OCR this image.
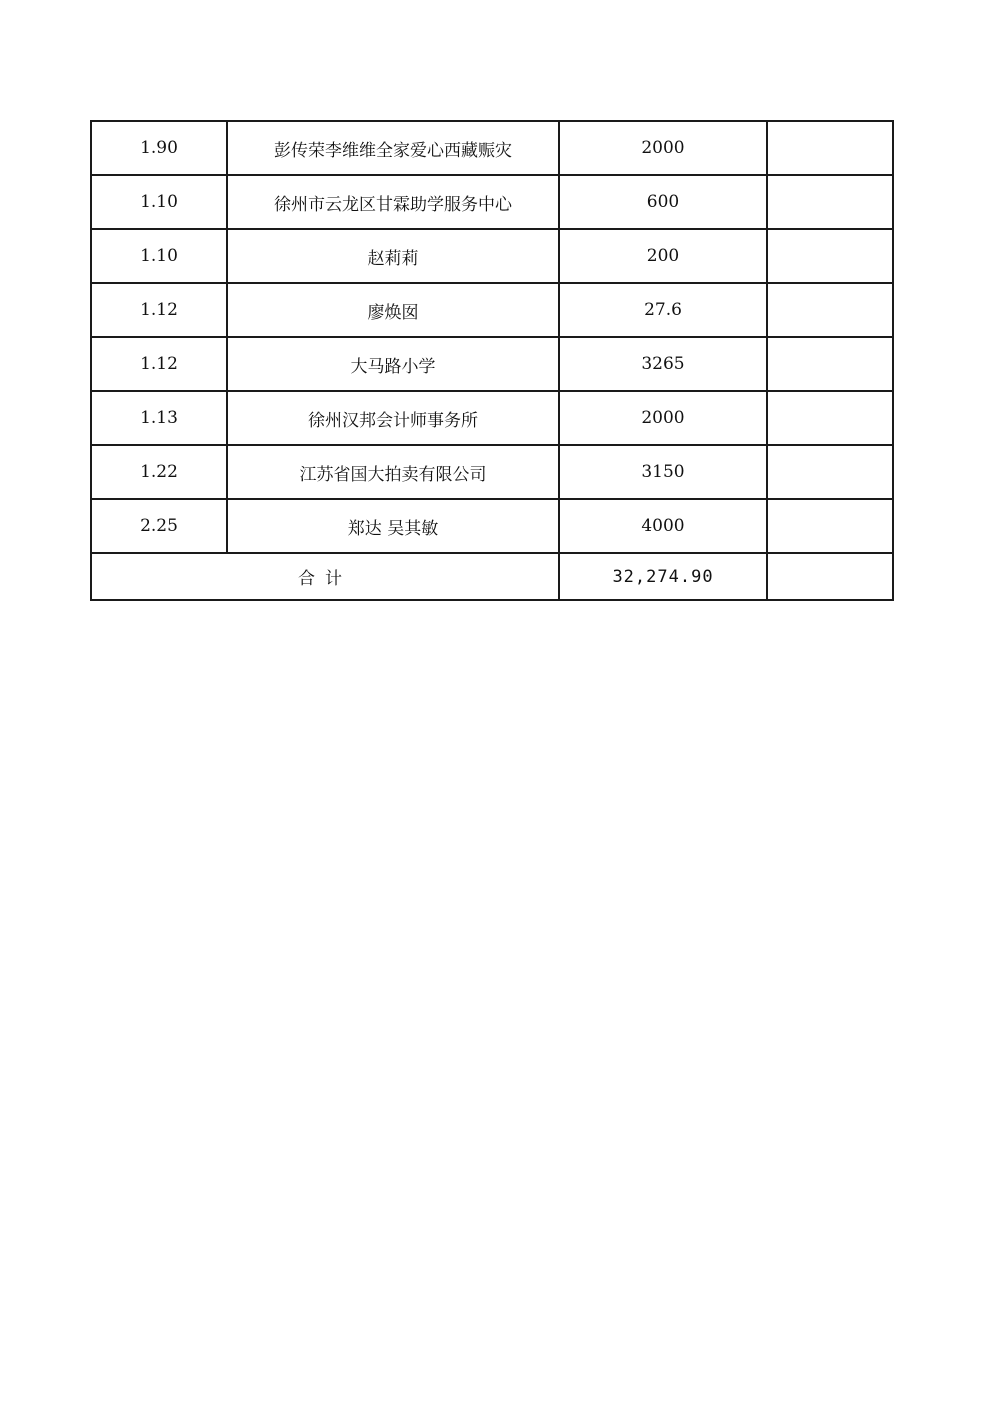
1.90	彭传荣李维维全家爱心西藏赈灾	2000	
1.10	徐州市云龙区甘霖助学服务中心	600	
1.10	赵莉莉	200	
1.12	廖焕囡	27.6	
1.12	大马路小学	3265	
1.13	徐州汉邦会计师事务所	2000	
1.22	江苏省国大拍卖有限公司	3150	
2.25	郑达 吴其敏	4000	
合计		32,274.90	
